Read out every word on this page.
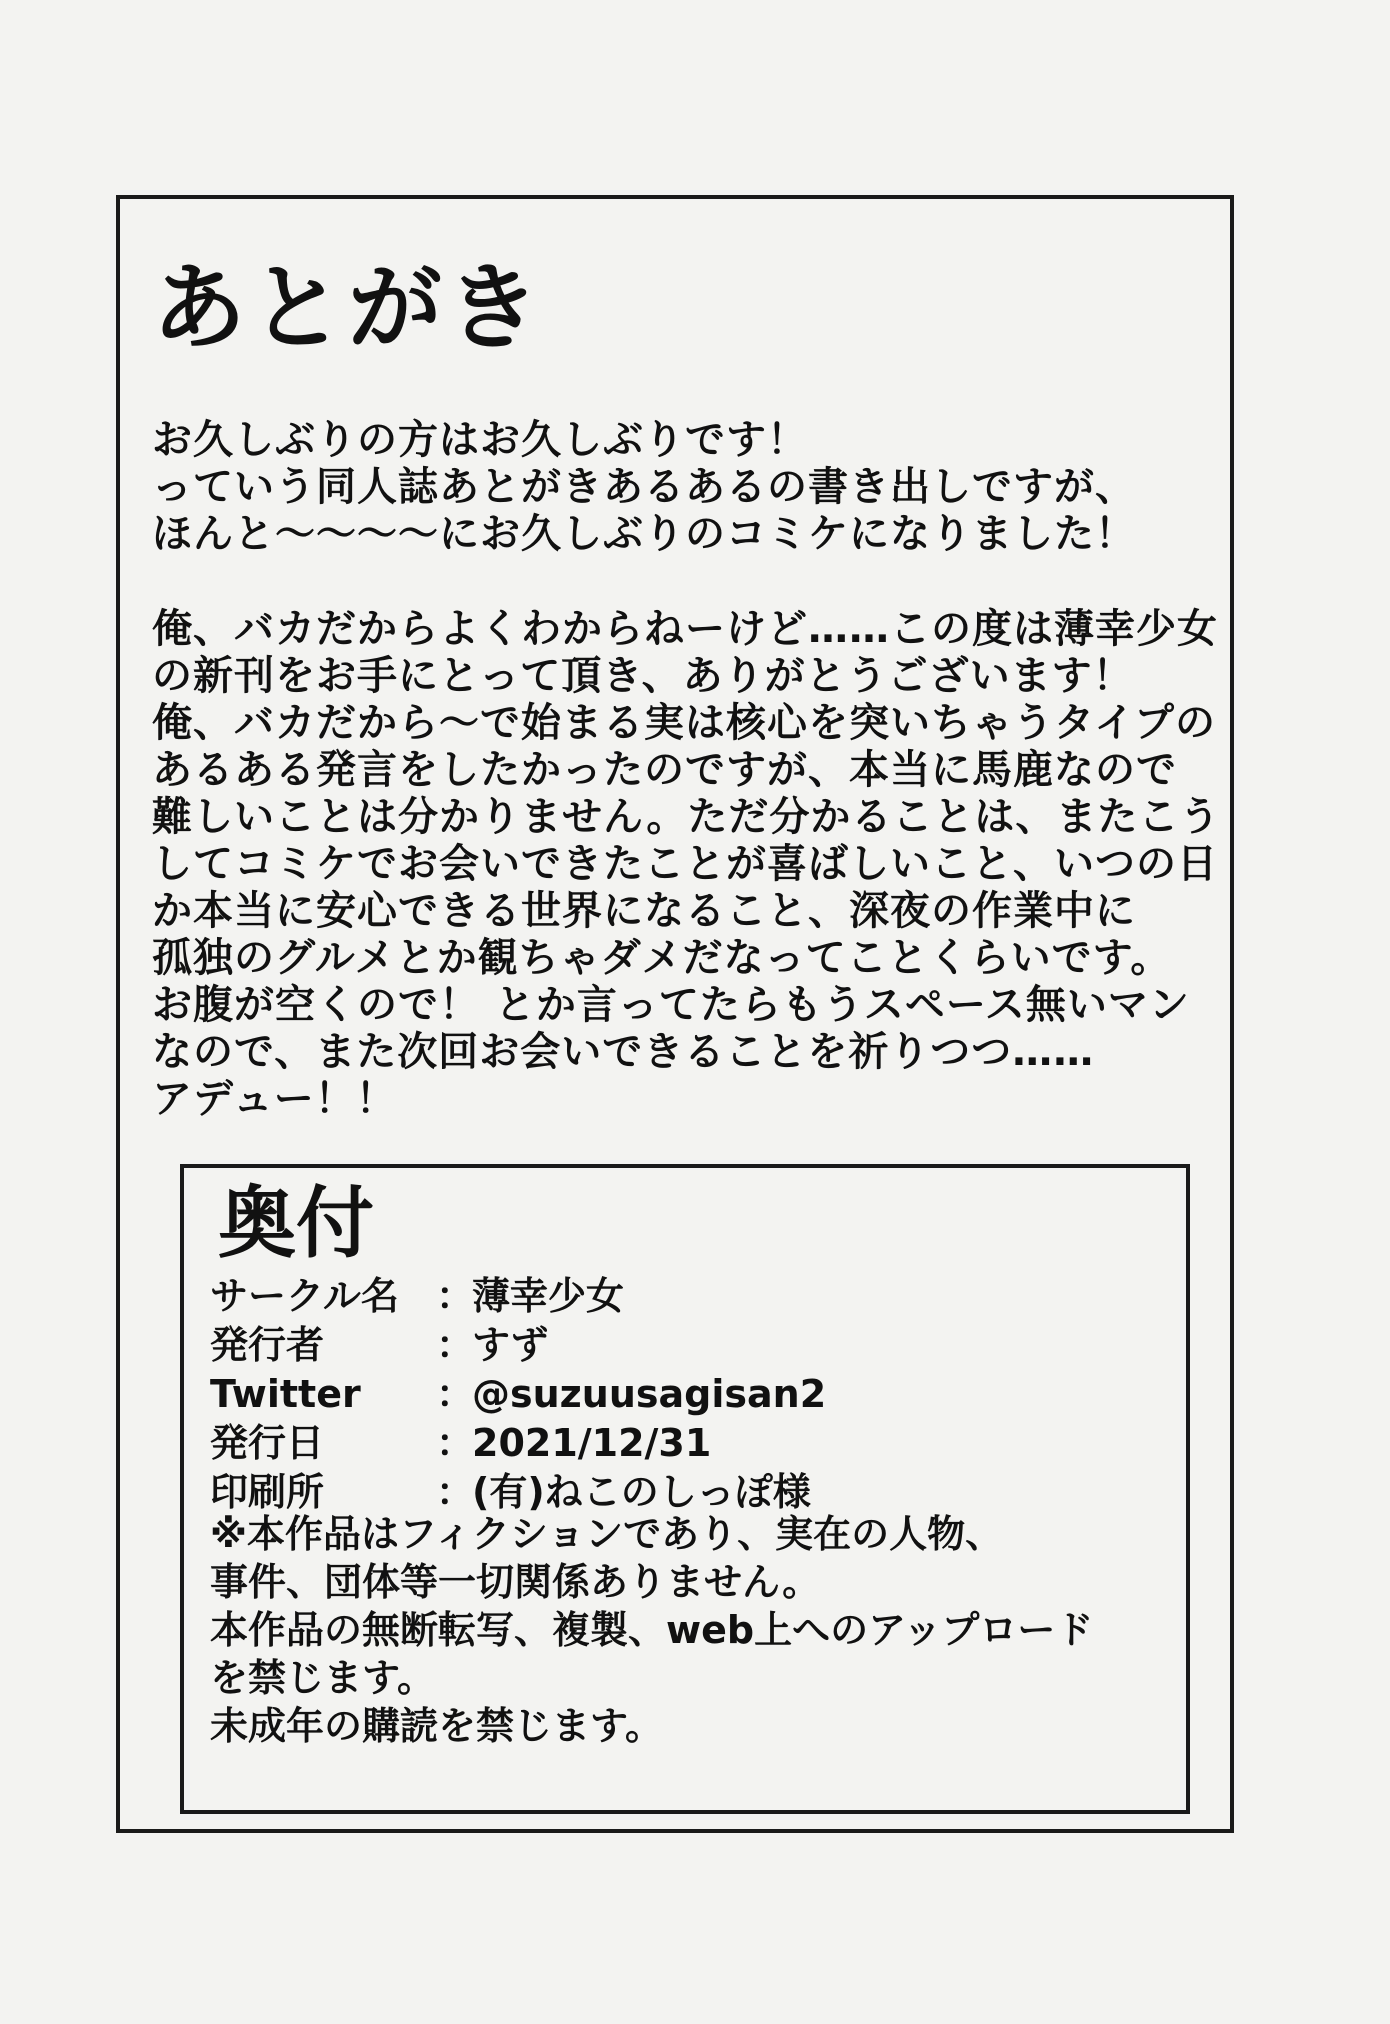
あとがき
お久しぶりの方はお久しぶりです！
っていう同人誌あとがきあるあるの書き出しですが、
ほんと〜〜〜〜にお久しぶりのコミケになりました！
俺、バカだからよくわからねーけど……この度は薄幸少女
の新刊をお手にとって頂き、ありがとうございます！
俺、バカだから〜で始まる実は核心を突いちゃうタイプの
あるある発言をしたかったのですが、本当に馬鹿なので
難しいことは分かりません。ただ分かることは、またこう
してコミケでお会いできたことが喜ばしいこと、いつの日
か本当に安心できる世界になること、深夜の作業中に
孤独のグルメとか観ちゃダメだなってことくらいです。
お腹が空くので！ とか言ってたらもうスペース無いマン
なので、また次回お会いできることを祈りつつ……
アデュー！！
奥付
サークル名 ：
薄幸少女
発行者	：
すず
Twitter ：
@suzuusagisan2
発行日	：
2021/12/31
印刷所	：
(有)ねこのしっぽ様
※本作品はフィクションであり、実在の人物、
事件、団体等一切関係ありません。
本作品の無断転写、複製、web上へのアップロード
を禁じます。
未成年の購読を禁じます。
